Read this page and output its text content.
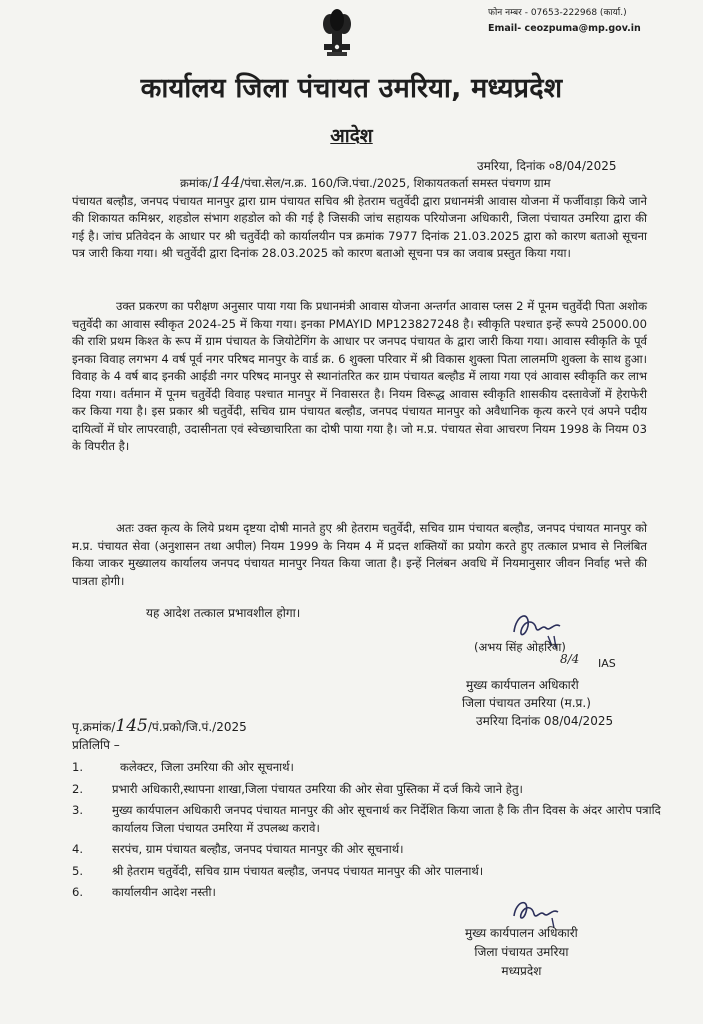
फोन नम्बर - 07653-222968 (कार्या.)
Email- ceozpuma@mp.gov.in
कार्यालय जिला पंचायत उमरिया, मध्यप्रदेश
आदेश
उमरिया, दिनांक ०8/04/2025
क्रमांक/144/पंचा.सेल/न.क्र. 160/जि.पंचा./2025, शिकायतकर्ता समस्त पंचगण ग्राम
पंचायत बल्हौड, जनपद पंचायत मानपुर द्वारा ग्राम पंचायत सचिव श्री हेतराम चतुर्वेदी द्वारा प्रधानमंत्री आवास योजना में फर्जीवाड़ा किये जाने की शिकायत कमिश्नर, शहडोल संभाग शहडोल को की गई है जिसकी जांच सहायक परियोजना अधिकारी, जिला पंचायत उमरिया द्वारा की गई है। जांच प्रतिवेदन के आधार पर श्री चतुर्वेदी को कार्यालयीन पत्र क्रमांक 7977 दिनांक 21.03.2025 द्वारा को कारण बताओ सूचना पत्र जारी किया गया। श्री चतुर्वेदी द्वारा दिनांक 28.03.2025 को कारण बताओ सूचना पत्र का जवाब प्रस्तुत किया गया।
उक्त प्रकरण का परीक्षण अनुसार पाया गया कि प्रधानमंत्री आवास योजना अन्तर्गत आवास प्लस 2 में पूनम चतुर्वेदी पिता अशोक चतुर्वेदी का आवास स्वीकृत 2024-25 में किया गया। इनका PMAYID MP123827248 है। स्वीकृति पश्चात इन्हें रूपये 25000.00 की राशि प्रथम किश्त के रूप में ग्राम पंचायत के जियोटेगिंग के आधार पर जनपद पंचायत के द्वारा जारी किया गया। आवास स्वीकृति के पूर्व इनका विवाह लगभग 4 वर्ष पूर्व नगर परिषद मानपुर के वार्ड क्र. 6 शुक्ला परिवार में श्री विकास शुक्ला पिता लालमणि शुक्ला के साथ हुआ। विवाह के 4 वर्ष बाद इनकी आईडी नगर परिषद मानपुर से स्थानांतरित कर ग्राम पंचायत बल्हौड में लाया गया एवं आवास स्वीकृति कर लाभ दिया गया। वर्तमान में पूनम चतुर्वेदी विवाह पश्चात मानपुर में निवासरत है। नियम विरूद्ध आवास स्वीकृति शासकीय दस्तावेजों में हेराफेरी कर किया गया है। इस प्रकार श्री चतुर्वेदी, सचिव ग्राम पंचायत बल्हौड, जनपद पंचायत मानपुर को अवैधानिक कृत्य करने एवं अपने पदीय दायित्वों में घोर लापरवाही, उदासीनता एवं स्वेच्छाचारिता का दोषी पाया गया है। जो म.प्र. पंचायत सेवा आचरण नियम 1998 के नियम 03 के विपरीत है।
अतः उक्त कृत्य के लिये प्रथम दृष्टया दोषी मानते हुए श्री हेतराम चतुर्वेदी, सचिव ग्राम पंचायत बल्हौड, जनपद पंचायत मानपुर को म.प्र. पंचायत सेवा (अनुशासन तथा अपील) नियम 1999 के नियम 4 में प्रदत्त शक्तियों का प्रयोग करते हुए तत्काल प्रभाव से निलंबित किया जाकर मुख्यालय कार्यालय जनपद पंचायत मानपुर नियत किया जाता है। इन्हें निलंबन अवधि में नियमानुसार जीवन निर्वाह भत्ते की पात्रता होगी।
यह आदेश तत्काल प्रभावशील होगा।
(अभय सिंह ओहरिया)
8/4 IAS
मुख्य कार्यपालन अधिकारी
जिला पंचायत उमरिया (म.प्र.)
उमरिया दिनांक 08/04/2025
पृ.क्रमांक/145/पं.प्रको/जि.पं./2025
प्रतिलिपि –
1.	कलेक्टर, जिला उमरिया की ओर सूचनार्थ।
2.	प्रभारी अधिकारी,स्थापना शाखा,जिला पंचायत उमरिया की ओर सेवा पुस्तिका में दर्ज किये जाने हेतु।
3.	मुख्य कार्यपालन अधिकारी जनपद पंचायत मानपुर की ओर सूचनार्थ कर निर्देशित किया जाता है कि तीन दिवस के अंदर आरोप पत्रादि कार्यालय जिला पंचायत उमरिया में उपलब्ध करावे।
4.	सरपंच, ग्राम पंचायत बल्हौड, जनपद पंचायत मानपुर की ओर सूचनार्थ।
5.	श्री हेतराम चतुर्वेदी, सचिव ग्राम पंचायत बल्हौड, जनपद पंचायत मानपुर की ओर पालनार्थ।
6.	कार्यालयीन आदेश नस्ती।
मुख्य कार्यपालन अधिकारी
जिला पंचायत उमरिया
मध्यप्रदेश
